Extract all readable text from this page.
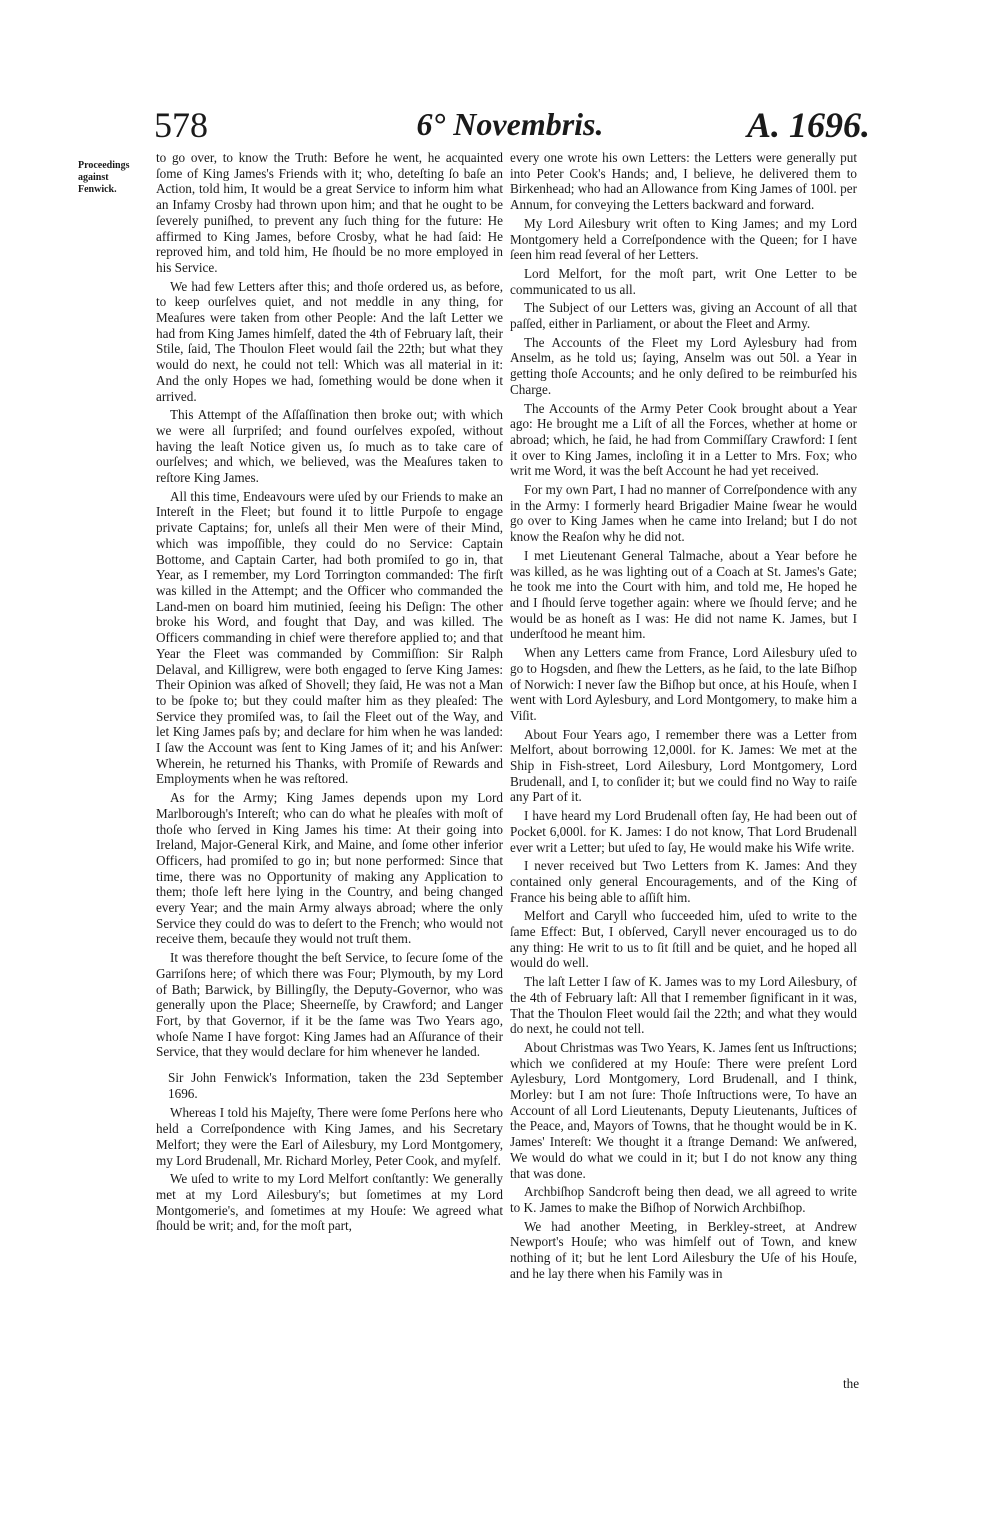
578	6° Novembris.	A. 1696.
Proceedings against Fenwick.

to go over, to know the Truth: Before he went, he acquainted ſome of King James's Friends with it; who, deteſting ſo baſe an Action, told him, It would be a great Service to inform him what an Infamy Crosby had thrown upon him; and that he ought to be ſeverely puniſhed, to prevent any ſuch thing for the future: He affirmed to King James, before Crosby, what he had ſaid: He reproved him, and told him, He ſhould be no more employed in his Service.

We had few Letters after this; and thoſe ordered us, as before, to keep ourſelves quiet, and not meddle in any thing, for Meaſures were taken from other People: And the laſt Letter we had from King James himſelf, dated the 4th of February laſt, their Stile, ſaid, The Thoulon Fleet would ſail the 22th; but what they would do next, he could not tell: Which was all material in it: And the only Hopes we had, ſomething would be done when it arrived.

This Attempt of the Aſſaſſination then broke out; with which we were all ſurpriſed; and found ourſelves expoſed, without having the leaſt Notice given us, ſo much as to take care of ourſelves; and which, we believed, was the Meaſures taken to reſtore King James.

All this time, Endeavours were uſed by our Friends to make an Intereſt in the Fleet; but found it to little Purpoſe to engage private Captains; for, unleſs all their Men were of their Mind, which was impoſſible, they could do no Service: Captain Bottome, and Captain Carter, had both promiſed to go in, that Year, as I remember, my Lord Torrington commanded: The firſt was killed in the Attempt; and the Officer who commanded the Land-men on board him mutinied, ſeeing his Deſign: The other broke his Word, and fought that Day, and was killed. The Officers commanding in chief were therefore applied to; and that Year the Fleet was commanded by Commiſſion: Sir Ralph Delaval, and Killigrew, were both engaged to ſerve King James: Their Opinion was aſked of Shovell; they ſaid, He was not a Man to be ſpoke to; but they could maſter him as they pleaſed: The Service they promiſed was, to ſail the Fleet out of the Way, and let King James paſs by; and declare for him when he was landed: I ſaw the Account was ſent to King James of it; and his Anſwer: Wherein, he returned his Thanks, with Promiſe of Rewards and Employments when he was reſtored.

As for the Army; King James depends upon my Lord Marlborough's Intereſt; who can do what he pleaſes with moſt of thoſe who ſerved in King James his time: At their going into Ireland, Major-General Kirk, and Maine, and ſome other inferior Officers, had promiſed to go in; but none performed: Since that time, there was no Opportunity of making any Application to them; thoſe left here lying in the Country, and being changed every Year; and the main Army always abroad; where the only Service they could do was to deſert to the French; who would not receive them, becauſe they would not truſt them.

It was therefore thought the beſt Service, to ſecure ſome of the Garriſons here; of which there was Four; Plymouth, by my Lord of Bath; Barwick, by Billingſly, the Deputy-Governor, who was generally upon the Place; Sheerneſſe, by Crawford; and Langer Fort, by that Governor, if it be the ſame was Two Years ago, whoſe Name I have forgot: King James had an Aſſurance of their Service, that they would declare for him whenever he landed.

Sir John Fenwick's Information, taken the 23d September 1696.

Whereas I told his Majeſty, There were ſome Perſons here who held a Correſpondence with King James, and his Secretary Melfort; they were the Earl of Ailesbury, my Lord Montgomery, my Lord Brudenall, Mr. Richard Morley, Peter Cook, and myſelf.

We uſed to write to my Lord Melfort conſtantly: We generally met at my Lord Ailesbury's; but ſometimes at my Lord Montgomerie's, and ſometimes at my Houſe: We agreed what ſhould be writ; and, for the moſt part,

every one wrote his own Letters: the Letters were generally put into Peter Cook's Hands; and, I believe, he delivered them to Birkenhead; who had an Allowance from King James of 100l. per Annum, for conveying the Letters backward and forward.

My Lord Ailesbury writ often to King James; and my Lord Montgomery held a Correſpondence with the Queen; for I have ſeen him read ſeveral of her Letters.

Lord Melfort, for the moſt part, writ One Letter to be communicated to us all.

The Subject of our Letters was, giving an Account of all that paſſed, either in Parliament, or about the Fleet and Army.

The Accounts of the Fleet my Lord Aylesbury had from Anselm, as he told us; ſaying, Anselm was out 50l. a Year in getting thoſe Accounts; and he only deſired to be reimburſed his Charge.

The Accounts of the Army Peter Cook brought about a Year ago: He brought me a Liſt of all the Forces, whether at home or abroad; which, he ſaid, he had from Commiſſary Crawford: I ſent it over to King James, incloſing it in a Letter to Mrs. Fox; who writ me Word, it was the beſt Account he had yet received.

For my own Part, I had no manner of Correſpondence with any in the Army: I formerly heard Brigadier Maine ſwear he would go over to King James when he came into Ireland; but I do not know the Reaſon why he did not.

I met Lieutenant General Talmache, about a Year before he was killed, as he was lighting out of a Coach at St. James's Gate; he took me into the Court with him, and told me, He hoped he and I ſhould ſerve together again: where we ſhould ſerve; and he would be as honeſt as I was: He did not name K. James, but I underſtood he meant him.

When any Letters came from France, Lord Ailesbury uſed to go to Hogsden, and ſhew the Letters, as he ſaid, to the late Biſhop of Norwich: I never ſaw the Biſhop but once, at his Houſe, when I went with Lord Aylesbury, and Lord Montgomery, to make him a Viſit.

About Four Years ago, I remember there was a Letter from Melfort, about borrowing 12,000l. for K. James: We met at the Ship in Fish-street, Lord Ailesbury, Lord Montgomery, Lord Brudenall, and I, to conſider it; but we could find no Way to raiſe any Part of it.

I have heard my Lord Brudenall often ſay, He had been out of Pocket 6,000l. for K. James: I do not know, That Lord Brudenall ever writ a Letter; but uſed to ſay, He would make his Wife write.

I never received but Two Letters from K. James: And they contained only general Encouragements, and of the King of France his being able to aſſiſt him.

Melfort and Caryll who ſucceeded him, uſed to write to the ſame Effect: But, I obſerved, Caryll never encouraged us to do any thing: He writ to us to ſit ſtill and be quiet, and he hoped all would do well.

The laſt Letter I ſaw of K. James was to my Lord Ailesbury, of the 4th of February laſt: All that I remember ſignificant in it was, That the Thoulon Fleet would ſail the 22th; and what they would do next, he could not tell.

About Christmas was Two Years, K. James ſent us Inſtructions; which we conſidered at my Houſe: There were preſent Lord Aylesbury, Lord Montgomery, Lord Brudenall, and I think, Morley: but I am not ſure: Thoſe Inſtructions were, To have an Account of all Lord Lieutenants, Deputy Lieutenants, Juſtices of the Peace, and, Mayors of Towns, that he thought would be in K. James' Intereſt: We thought it a ſtrange Demand: We anſwered, We would do what we could in it; but I do not know any thing that was done.

Archbiſhop Sandcroft being then dead, we all agreed to write to K. James to make the Biſhop of Norwich Archbiſhop.

We had another Meeting, in Berkley-street, at Andrew Newport's Houſe; who was himſelf out of Town, and knew nothing of it; but he lent Lord Ailesbury the Uſe of his Houſe, and he lay there when his Family was in

the
